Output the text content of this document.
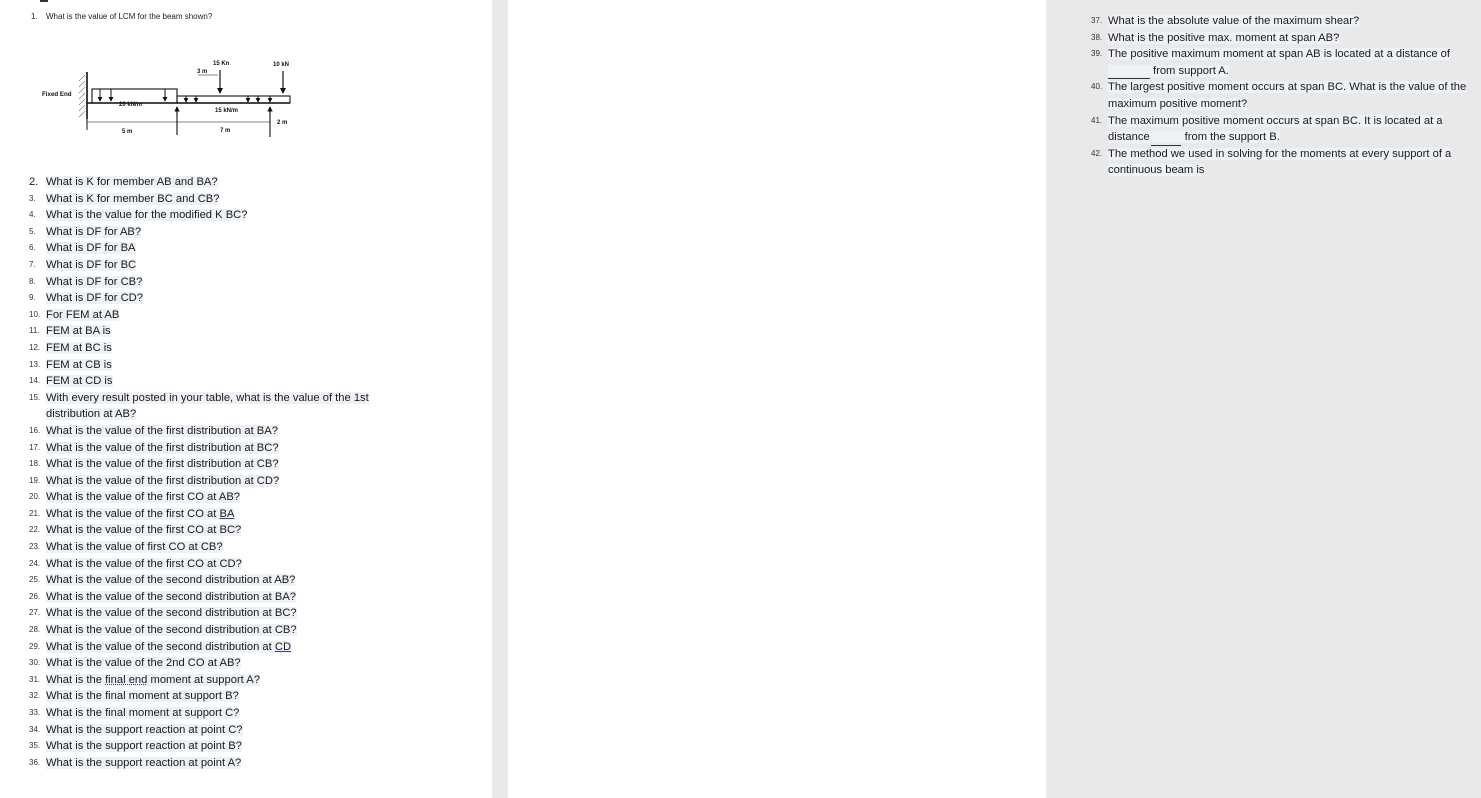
1. What is the value of LCM for the beam shown?
Fixed End
20 kN/m
15 kN/m
15 Kn	10 kN
3 m
5 m	7 m
2 m
2. What is K for member AB and BA?
3. What is K for member BC and CB?
4. What is the value for the modified K BC?
5. What is DF for AB?
6. What is DF for BA
7. What is DF for BC
8. What is DF for CB?
9. What is DF for CD?
10. For FEM at AB
11. FEM at BA is
12. FEM at BC is
13. FEM at CB is
14. FEM at CD is
15. With every result posted in your table, what is the value of the 1st distribution at AB?
16. What is the value of the first distribution at BA?
17. What is the value of the first distribution at BC?
18. What is the value of the first distribution at CB?
19. What is the value of the first distribution at CD?
20. What is the value of the first CO at AB?
21. What is the value of the first CO at BA
22. What is the value of the first CO at BC?
23. What is the value of first CO at CB?
24. What is the value of the first CO at CD?
25. What is the value of the second distribution at AB?
26. What is the value of the second distribution at BA?
27. What is the value of the second distribution at BC?
28. What is the value of the second distribution at CB?
29. What is the value of the second distribution at CD
30. What is the value of the 2nd CO at AB?
31. What is the final end moment at support A?
32. What is the final moment at support B?
33. What is the final moment at support C?
34. What is the support reaction at point C?
35. What is the support reaction at point B?
36. What is the support reaction at point A?
37. What is the absolute value of the maximum shear?
38. What is the positive max. moment at span AB?
39. The positive maximum moment at span AB is located at a distance of from support A.
40. The largest positive moment occurs at span BC. What is the value of the maximum positive moment?
41. The maximum positive moment occurs at span BC. It is located at a distance	from the support B.
42. The method we used in solving for the moments at every support of a continuous beam is
